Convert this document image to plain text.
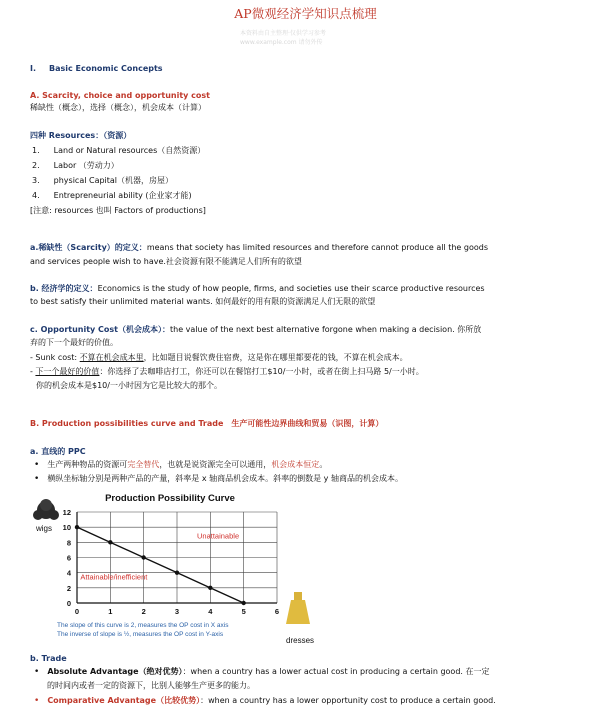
AP微观经济学知识点梳理
本资料由自主整理·仅供学习参考
www.example.com 请勿外传
I. Basic Economic Concepts
A. Scarcity, choice and opportunity cost
稀缺性（概念），选择（概念），机会成本（计算）
四种 Resources：（资源）
1. Land or Natural resources（自然资源）
2. Labor （劳动力）
3. physical Capital（机器，房屋）
4. Entrepreneurial ability (企业家才能)
[注意: resources 也叫 Factors of productions]
a.稀缺性（Scarcity）的定义：means that society has limited resources and therefore cannot produce all the goods
and services people wish to have.社会资源有限不能满足人们所有的欲望
b. 经济学的定义：Economics is the study of how people, firms, and societies use their scarce productive resources
to best satisfy their unlimited material wants. 如何最好的用有限的资源满足人们无限的欲望
c. Opportunity Cost（机会成本）：the value of the next best alternative forgone when making a decision. 你所放
弃的下一个最好的价值。
- Sunk cost: 不算在机会成本里，比如题目说餐饮费住宿费，这是你在哪里都要花的钱，不算在机会成本。
- 下一个最好的价值：你选择了去咖啡店打工，你还可以在餐馆打工$10/一小时，或者在街上扫马路 5/一小时。
你的机会成本是$10/一小时因为它是比较大的那个。
B. Production possibilities curve and Trade 生产可能性边界曲线和贸易（识图，计算）
a. 直线的 PPC
• 生产两种物品的资源可完全替代，也就是说资源完全可以通用，机会成本恒定。
• 横纵坐标轴分别是两种产品的产量，斜率是 x 轴商品机会成本。斜率的倒数是 y 轴商品的机会成本。
Production Possibility Curve
wigs
0
2
4
6
8
10
12
0	1	2	3	4	5	6
Unattainable
Attainable/inefficient
The slope of this curve is 2, measures the OP cost in X axis
The inverse of slope is ½, measures the OP cost in Y-axis
dresses
b. Trade
• Absolute Advantage（绝对优势）：when a country has a lower actual cost in producing a certain good. 在一定
的时间内或者一定的资源下，比别人能够生产更多的能力。
• Comparative Advantage（比较优势）：when a country has a lower opportunity cost to produce a certain good.
